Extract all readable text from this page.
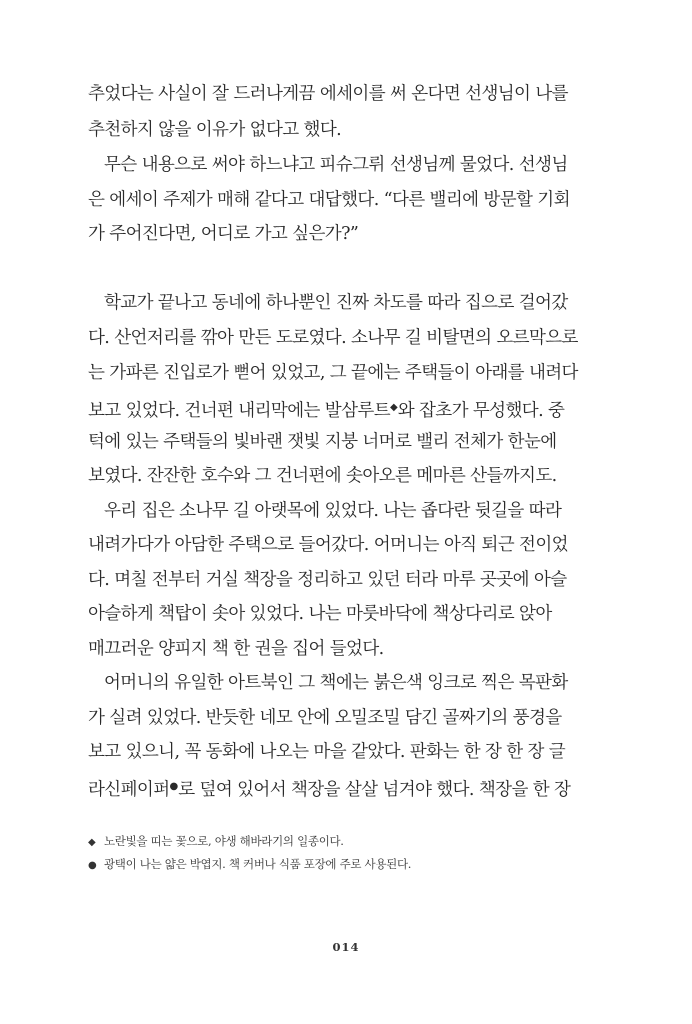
추었다는 사실이 잘 드러나게끔 에세이를 써 온다면 선생님이 나를
추천하지 않을 이유가 없다고 했다.
무슨 내용으로 써야 하느냐고 피슈그뤼 선생님께 물었다. 선생님
은 에세이 주제가 매해 같다고 대답했다. “다른 밸리에 방문할 기회
가 주어진다면, 어디로 가고 싶은가?”
학교가 끝나고 동네에 하나뿐인 진짜 차도를 따라 집으로 걸어갔
다. 산언저리를 깎아 만든 도로였다. 소나무 길 비탈면의 오르막으로
는 가파른 진입로가 뻗어 있었고, 그 끝에는 주택들이 아래를 내려다
보고 있었다. 건너편 내리막에는 발삼루트◆와 잡초가 무성했다. 중
턱에 있는 주택들의 빛바랜 잿빛 지붕 너머로 밸리 전체가 한눈에
보였다. 잔잔한 호수와 그 건너편에 솟아오른 메마른 산들까지도.
우리 집은 소나무 길 아랫목에 있었다. 나는 좁다란 뒷길을 따라
내려가다가 아담한 주택으로 들어갔다. 어머니는 아직 퇴근 전이었
다. 며칠 전부터 거실 책장을 정리하고 있던 터라 마루 곳곳에 아슬
아슬하게 책탑이 솟아 있었다. 나는 마룻바닥에 책상다리로 앉아
매끄러운 양피지 책 한 권을 집어 들었다.
어머니의 유일한 아트북인 그 책에는 붉은색 잉크로 찍은 목판화
가 실려 있었다. 반듯한 네모 안에 오밀조밀 담긴 골짜기의 풍경을
보고 있으니, 꼭 동화에 나오는 마을 같았다. 판화는 한 장 한 장 글
라신페이퍼●로 덮여 있어서 책장을 살살 넘겨야 했다. 책장을 한 장
◆ 노란빛을 띠는 꽃으로, 야생 해바라기의 일종이다.
● 광택이 나는 얇은 박엽지. 책 커버나 식품 포장에 주로 사용된다.
014
